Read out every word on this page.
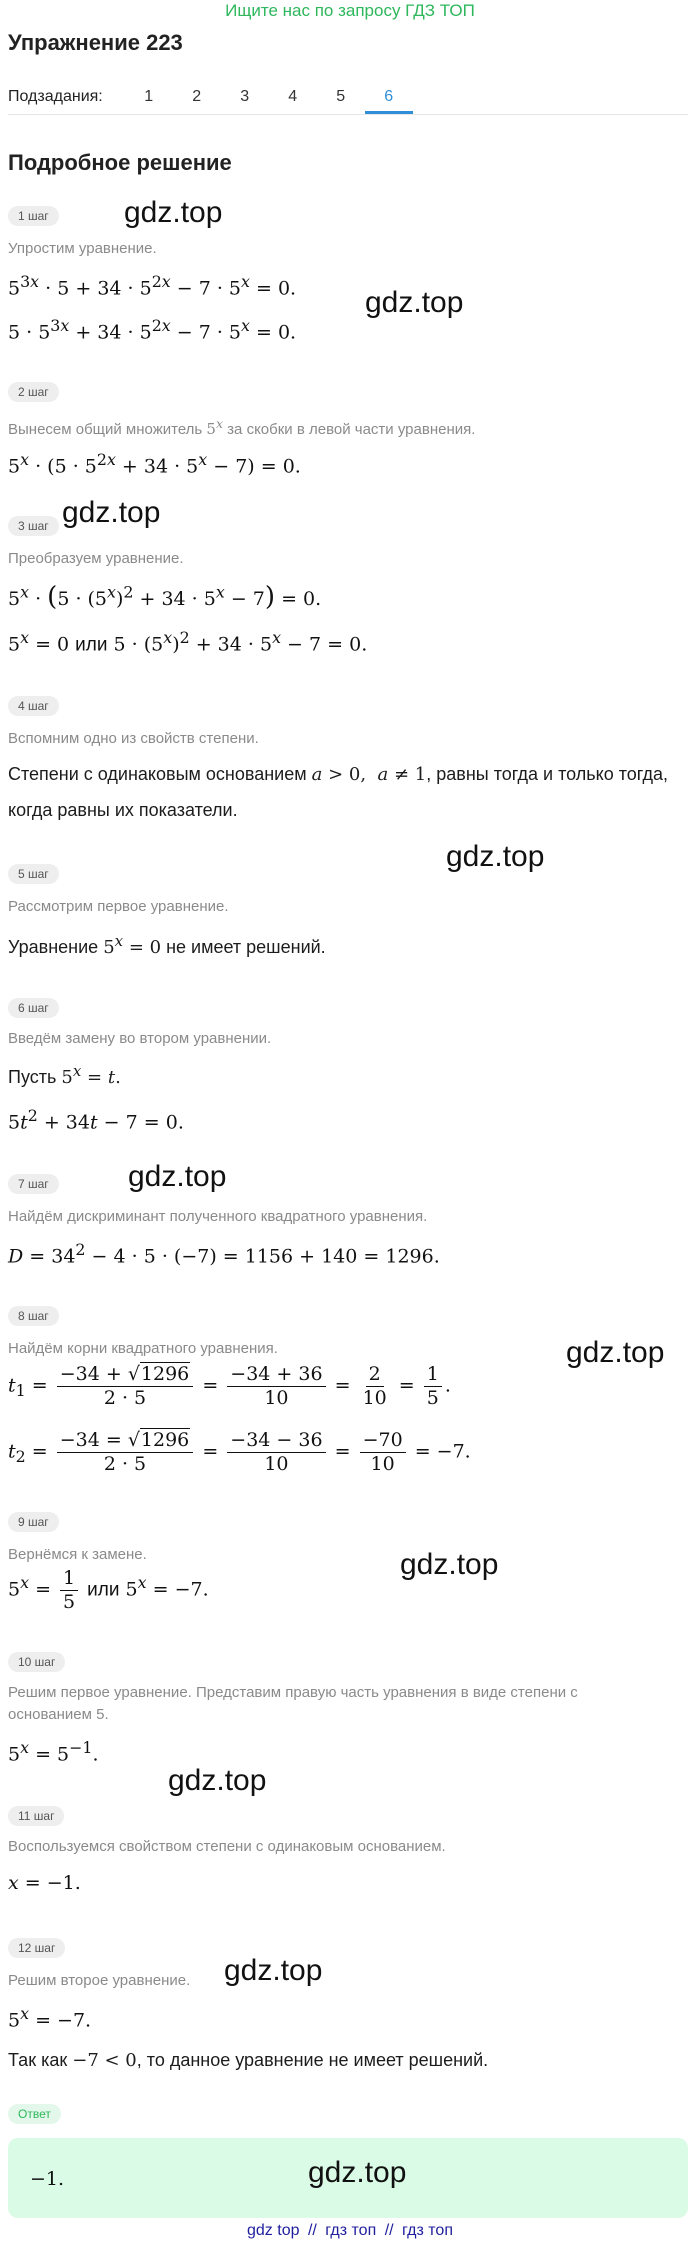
Ищите нас по запросу ГДЗ ТОП
Упражнение 223
Подзадания:	1	2	3	4	5	6
Подробное решение
gdz.top
gdz.top
gdz.top
gdz.top
gdz.top
gdz.top
gdz.top
gdz.top
gdz.top
1 шаг
Упростим уравнение.
$5^{3x} \cdot 5 + 34 \cdot 5^{2x} - 7 \cdot 5^x = 0$.
$5 \cdot 5^{3x} + 34 \cdot 5^{2x} - 7 \cdot 5^x = 0$.
2 шаг
Вынесем общий множитель 5$^x$ за скобки в левой части уравнения.
$5^x \cdot (5 \cdot 5^{2x} + 34 \cdot 5^x - 7) = 0$.
3 шаг
Преобразуем уравнение.
$5^x \cdot (5 \cdot (5^x)^2 + 34 \cdot 5^x - 7) = 0$.
$5^x = 0$ или $5 \cdot (5^x)^2 + 34 \cdot 5^x - 7 = 0$.
4 шаг
Вспомним одно из свойств степени.
Степени с одинаковым основанием a > 0,  a ≠ 1, равны тогда и только тогда,
когда равны их показатели.
5 шаг
Рассмотрим первое уравнение.
Уравнение $5^x = 0$ не имеет решений.
6 шаг
Введём замену во втором уравнении.
Пусть $5^x = t$.
$5t^2 + 34t - 7 = 0$.
7 шаг
Найдём дискриминант полученного квадратного уравнения.
$D = 34^2 - 4 \cdot 5 \cdot (-7) = 1156 + 140 = 1296$.
8 шаг
Найдём корни квадратного уравнения.
$t_1 = \frac{-34 + √1296}{2 \cdot 5} = \frac{-34 + 36}{10} = \frac{2}{10} = \frac{1}{5}$ .
$t_2 = \frac{-34 = √1296}{2 \cdot 5} = \frac{-34 - 36}{10} = \frac{-70}{10} = -7$.
9 шаг
Вернёмся к замене.
$5^x = \frac{1}{5}$ или $5^x = -7$.
10 шаг
Решим первое уравнение. Представим правую часть уравнения в виде степени с
основанием 5.
$5^x = 5^{-1}$.
11 шаг
Воспользуемся свойством степени с одинаковым основанием.
x = −1.
12 шаг
Решим второе уравнение.
$5^x = -7$.
Так как −7 < 0, то данное уравнение не имеет решений.
Ответ
−1.	gdz.top
gdz top // гдз топ // гдз топ
